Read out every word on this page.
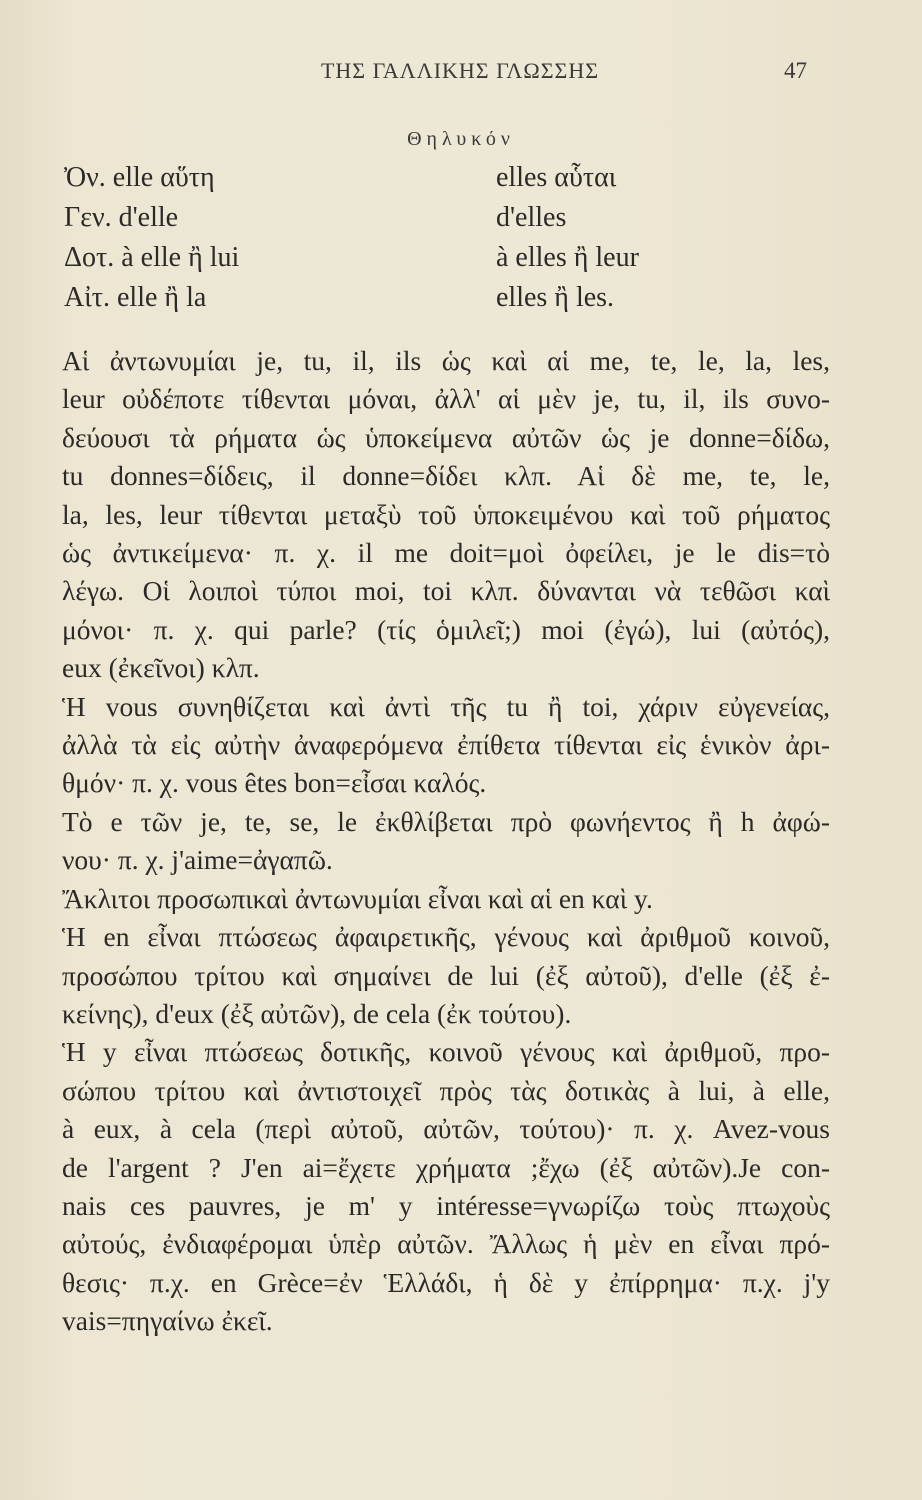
ΤΗΣ ΓΑΛΛΙΚΗΣ ΓΛΩΣΣΗΣ	47
Θηλυκόν
Ὀν. elle αὕτη	elles αὗται
Γεν. d'elle	d'elles
Δοτ. à elle ἢ lui	à elles ἢ leur
Αἰτ. elle ἢ la	elles ἢ les.

Αἱ ἀντωνυμίαι je, tu, il, ils ὡς καὶ αἱ me, te, le, la, les,
leur οὐδέποτε τίθενται μόναι, ἀλλ' αἱ μὲν je, tu, il, ils συνο-
δεύουσι τὰ ρήματα ὡς ὑποκείμενα αὐτῶν ὡς je donne=δίδω,
tu donnes=δίδεις, il donne=δίδει κλπ. Αἱ δὲ me, te, le,
la, les, leur τίθενται μεταξὺ τοῦ ὑποκειμένου καὶ τοῦ ρήματος
ὡς ἀντικείμενα· π. χ. il me doit=μοὶ ὀφείλει, je le dis=τὸ
λέγω. Οἱ λοιποὶ τύποι moi, toi κλπ. δύνανται νὰ τεθῶσι καὶ
μόνοι· π. χ. qui parle? (τίς ὁμιλεῖ;) moi (ἐγώ), lui (αὐτός),
eux (ἐκεῖνοι) κλπ.

Ἡ vous συνηθίζεται καὶ ἀντὶ τῆς tu ἢ toi, χάριν εὐγενείας,
ἀλλὰ τὰ εἰς αὐτὴν ἀναφερόμενα ἐπίθετα τίθενται εἰς ἑνικὸν ἀρι-
θμόν· π. χ. vous êtes bon=εἶσαι καλός.

Τὸ e τῶν je, te, se, le ἐκθλίβεται πρὸ φωνήεντος ἢ h ἀφώ-
νου· π. χ. j'aime=ἀγαπῶ.

Ἄκλιτοι προσωπικαὶ ἀντωνυμίαι εἶναι καὶ αἱ en καὶ y.

Ἡ en εἶναι πτώσεως ἀφαιρετικῆς, γένους καὶ ἀριθμοῦ κοινοῦ,
προσώπου τρίτου καὶ σημαίνει de lui (ἐξ αὐτοῦ), d'elle (ἐξ ἐ-
κείνης), d'eux (ἐξ αὐτῶν), de cela (ἐκ τούτου).

Ἡ y εἶναι πτώσεως δοτικῆς, κοινοῦ γένους καὶ ἀριθμοῦ, προ-
σώπου τρίτου καὶ ἀντιστοιχεῖ πρὸς τὰς δοτικὰς à lui, à elle,
à eux, à cela (περὶ αὐτοῦ, αὐτῶν, τούτου)· π. χ. Avez-vous
de l'argent ? J'en ai=ἔχετε χρήματα ;ἔχω (ἐξ αὐτῶν).Je con-
nais ces pauvres, je m' y intéresse=γνωρίζω τοὺς πτωχοὺς
αὐτούς, ἐνδιαφέρομαι ὑπὲρ αὐτῶν. Ἄλλως ἡ μὲν en εἶναι πρό-
θεσις· π.χ. en Grèce=ἐν Ἑλλάδι, ἡ δὲ y ἐπίρρημα· π.χ. j'y
vais=πηγαίνω ἐκεῖ.
